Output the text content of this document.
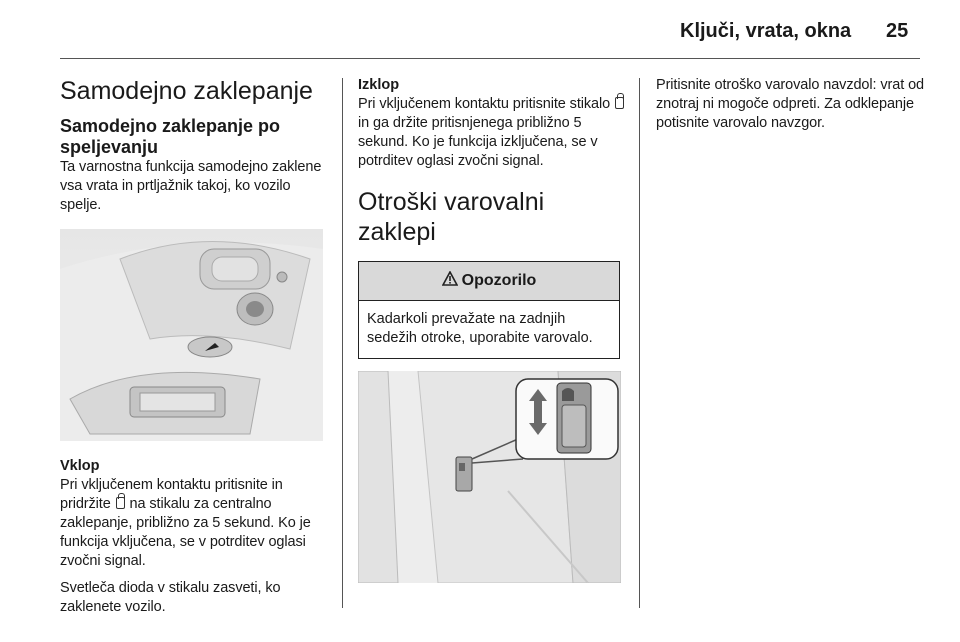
Ključi, vrata, okna 25
Samodejno zaklepanje
Samodejno zaklepanje po speljevanju

Ta varnostna funkcija samodejno zaklene vsa vrata in prtljažnik takoj, ko vozilo spelje.

Vklop

Pri vključenem kontaktu pritisnite in pridržite na stikalu za centralno zaklepanje, približno za 5 sekund. Ko je funkcija vključena, se v potrditev oglasi zvočni signal.

Svetleča dioda v stikalu zasveti, ko zaklenete vozilo.

Izklop

Pri vključenem kontaktu pritisnite stikalo  in ga držite pritisnjenega približno 5 sekund. Ko je funkcija izključena, se v potrditev oglasi zvočni signal.

Otroški varovalni zaklepi
Opozorilo
Kadarkoli prevažate na zadnjih sedežih otroke, uporabite varovalo.

Pritisnite otroško varovalo navzdol: vrat od znotraj ni mogoče odpreti. Za odklepanje potisnite varovalo navzgor.
